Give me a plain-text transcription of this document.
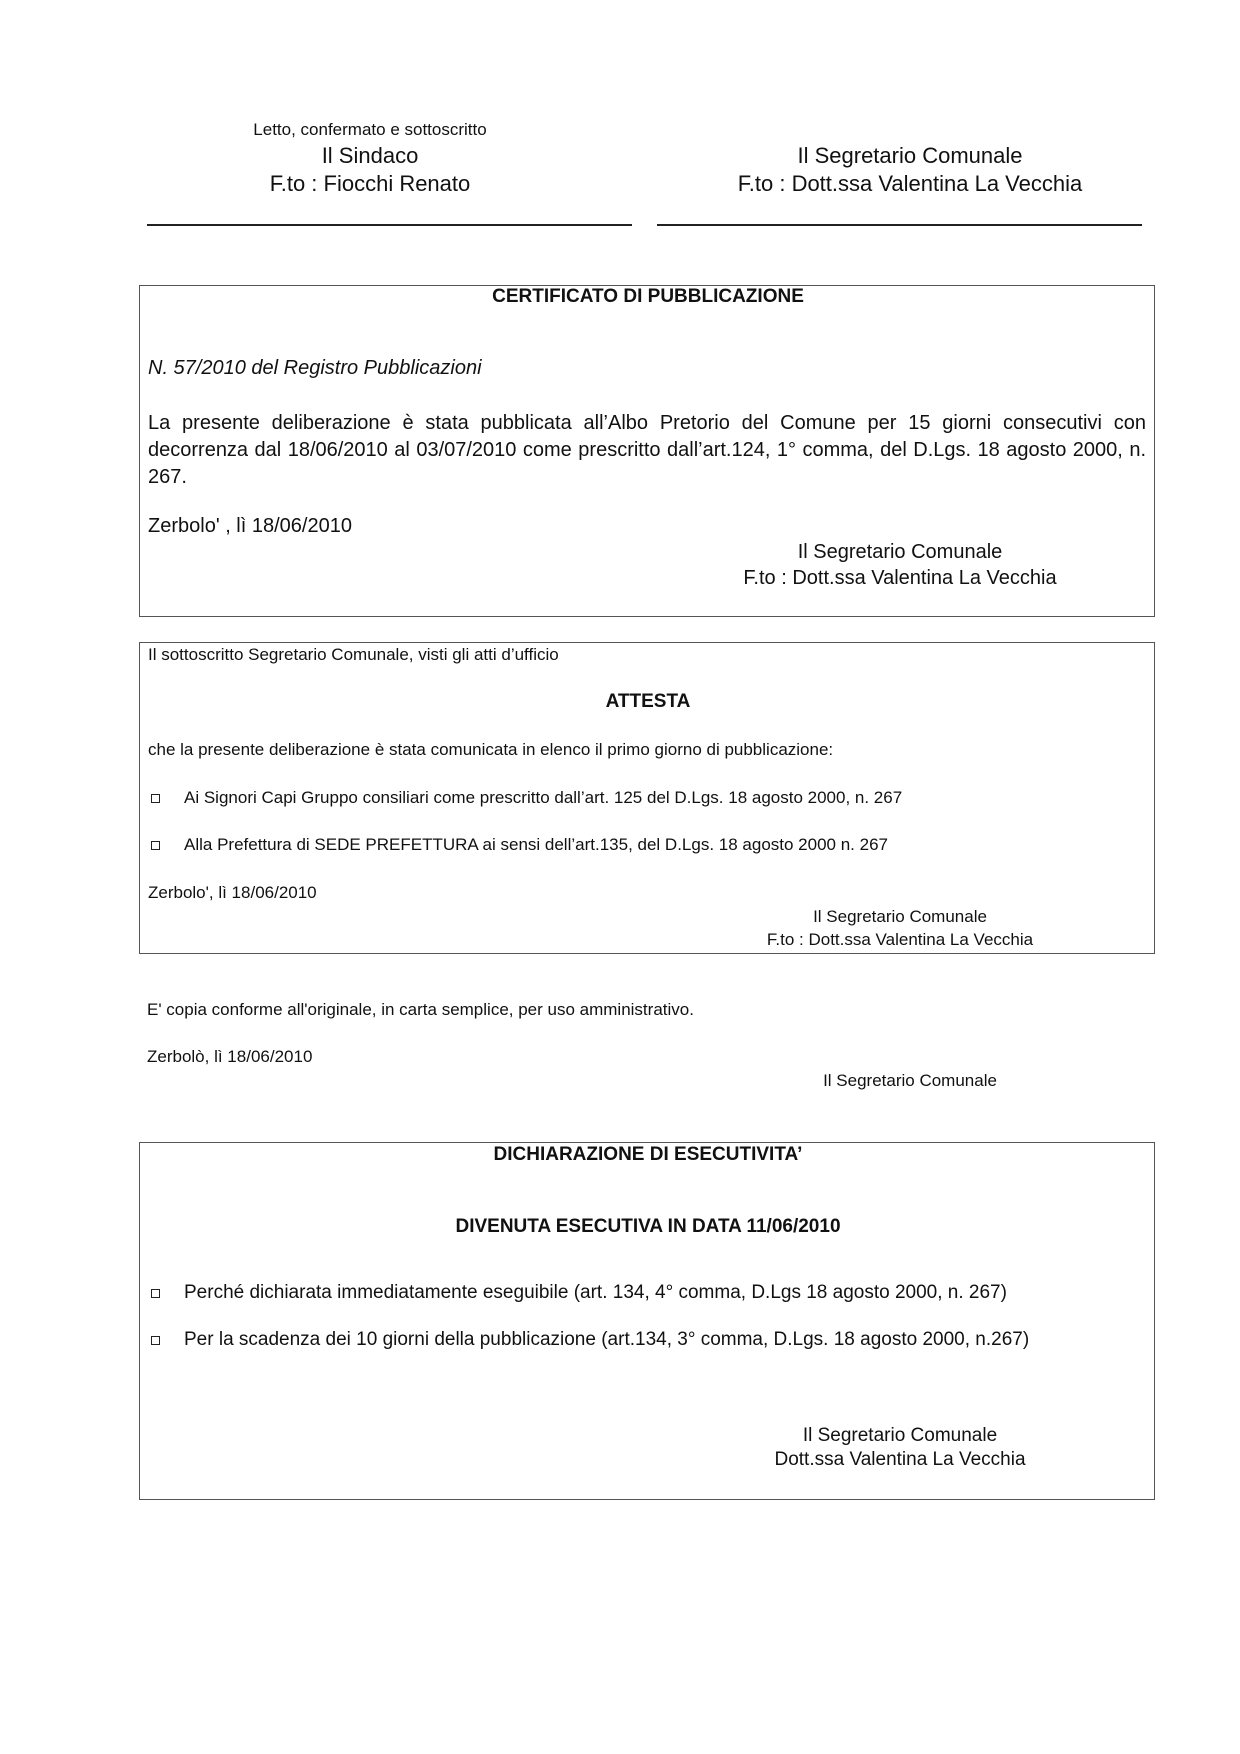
Letto, confermato e sottoscritto
Il Sindaco
F.to : Fiocchi Renato
Il Segretario Comunale
F.to : Dott.ssa Valentina La Vecchia
CERTIFICATO DI PUBBLICAZIONE
N. 57/2010 del Registro Pubblicazioni
La presente deliberazione è stata pubblicata all’Albo Pretorio del Comune per 15 giorni consecutivi con decorrenza dal 18/06/2010 al 03/07/2010 come prescritto dall’art.124, 1° comma, del D.Lgs. 18 agosto 2000, n. 267.
Zerbolo' , lì 18/06/2010
Il Segretario Comunale
F.to : Dott.ssa Valentina La Vecchia
Il sottoscritto Segretario Comunale, visti gli atti d’ufficio
ATTESTA
che la presente deliberazione è stata comunicata in elenco il primo giorno di pubblicazione:
Ai Signori Capi Gruppo consiliari come prescritto dall’art. 125 del D.Lgs. 18 agosto 2000, n. 267
Alla Prefettura di SEDE PREFETTURA ai sensi dell’art.135, del D.Lgs. 18 agosto 2000 n. 267
Zerbolo', lì 18/06/2010
Il Segretario Comunale
F.to : Dott.ssa Valentina La Vecchia
E' copia conforme all'originale, in carta semplice, per uso amministrativo.
Zerbolò, lì 18/06/2010
Il Segretario Comunale
DICHIARAZIONE DI ESECUTIVITA’
DIVENUTA ESECUTIVA IN DATA 11/06/2010
Perché dichiarata immediatamente eseguibile (art. 134, 4° comma, D.Lgs 18 agosto 2000, n. 267)
Per la scadenza dei 10 giorni della pubblicazione (art.134, 3° comma, D.Lgs. 18 agosto 2000, n.267)
Il Segretario Comunale
Dott.ssa Valentina La Vecchia
